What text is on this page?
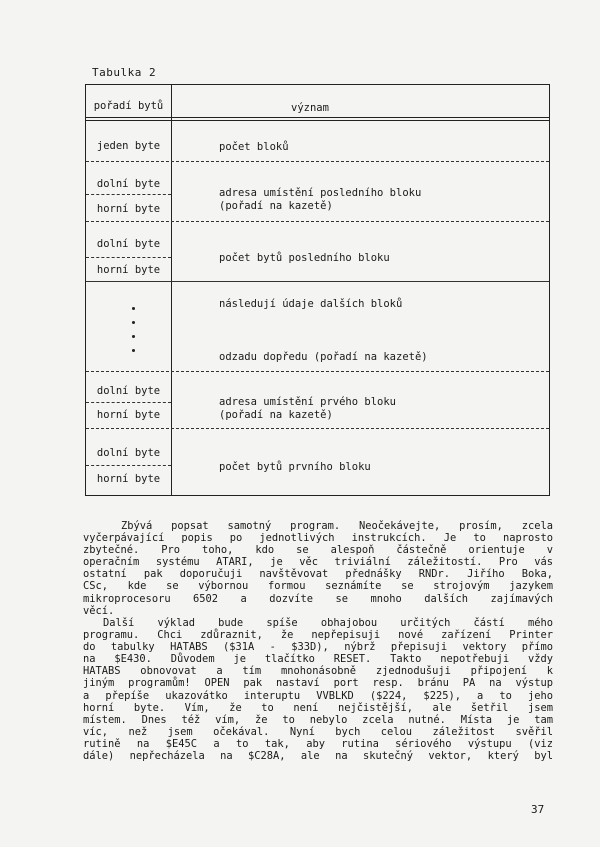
Tabulka 2
pořadí bytů	význam
jeden byte	počet bloků
dolní byte
horní byte
adresa umístění posledního bloku
(pořadí na kazetě)
dolní byte
horní byte
počet bytů posledního bloku
následují údaje dalších bloků
odzadu dopředu (pořadí na kazetě)
dolní byte
horní byte
adresa umístění prvého bloku
(pořadí na kazetě)
dolní byte
horní byte
počet bytů prvního bloku
Zbývá popsat samotný program. Neočekávejte, prosím, zcela
vyčerpávající popis po jednotlivých instrukcích. Je to naprosto
zbytečné. Pro toho, kdo se alespoň částečně orientuje v
operačním systému ATARI, je věc triviální záležitostí. Pro vás
ostatní pak doporučuji navštěvovat přednášky RNDr. Jiřího Boka,
CSc, kde se výbornou formou seznámíte se strojovým jazykem
mikroprocesoru 6502 a dozvíte se mnoho dalších zajímavých
věcí.
Další výklad bude spíše obhajobou určitých částí mého
programu. Chci zdůraznit, že nepřepisuji nové zařízení Printer
do tabulky HATABS ($31A - $33D), nýbrž přepisuji vektory přímo
na $E430. Důvodem je tlačítko RESET. Takto nepotřebuji vždy
HATABS obnovovat a tím mnohonásobně zjednodušuji připojení k
jiným programům! OPEN pak nastaví port resp. bránu PA na výstup
a přepíše ukazovátko interuptu VVBLKD ($224, $225), a to jeho
horní byte. Vím, že to není nejčistější, ale šetřil jsem
místem. Dnes též vím, že to nebylo zcela nutné. Místa je tam
víc, než jsem očekával. Nyní bych celou záležitost svěřil
rutině na $E45C a to tak, aby rutina sériového výstupu (viz
dále) nepřecházela na $C28A, ale na skutečný vektor, který byl
37
